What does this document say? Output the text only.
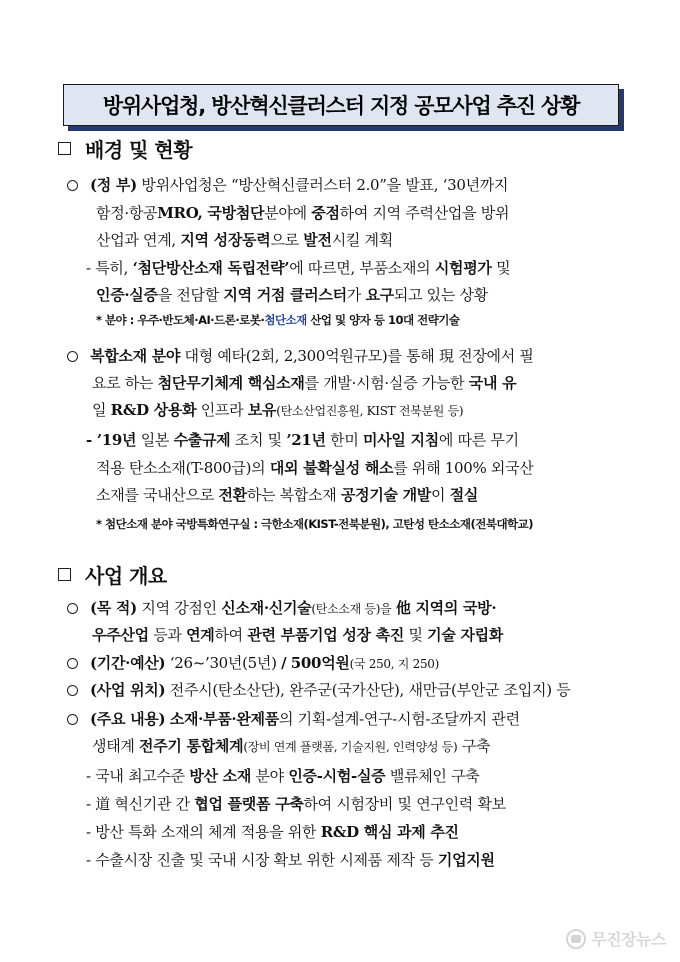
방위사업청, 방산혁신클러스터 지정 공모사업 추진 상황
배경 및 현황
(정 부) 방위사업청은 “방산혁신클러스터 2.0”을 발표, ‘30년까지
함정·항공MRO, 국방첨단분야에 중점하여 지역 주력산업을 방위
산업과 연계, 지역 성장동력으로 발전시킬 계획
- 특히, ‘첨단방산소재 독립전략’에 따르면, 부품소재의 시험평가 및
인증·실증을 전담할 지역 거점 클러스터가 요구되고 있는 상황
* 분야 : 우주·반도체·AI·드론·로봇·첨단소재 산업 및 양자 등 10대 전략기술
복합소재 분야 대형 예타(2회, 2,300억원규모)를 통해 現 전장에서 필
요로 하는 첨단무기체계 핵심소재를 개발·시험·실증 가능한 국내 유
일 R&D 상용화 인프라 보유(탄소산업진흥원, KIST 전북분원 등)
- ’19년 일본 수출규제 조치 및 ’21년 한미 미사일 지침에 따른 무기
적용 탄소소재(T-800급)의 대외 불확실성 해소를 위해 100% 외국산
소재를 국내산으로 전환하는 복합소재 공정기술 개발이 절실
* 첨단소재 분야 국방특화연구실 : 극한소재(KIST-전북분원), 고탄성 탄소소재(전북대학교)
사업 개요
(목 적) 지역 강점인 신소재·신기술(탄소소재 등)을 他 지역의 국방·
우주산업 등과 연계하여 관련 부품기업 성장 촉진 및 기술 자립화
(기간·예산) ‘26~’30년(5년) / 500억원(국 250, 지 250)
(사업 위치) 전주시(탄소산단), 완주군(국가산단), 새만금(부안군 조입지) 등
(주요 내용) 소재·부품·완제품의 기획-설계-연구-시험-조달까지 관련
생태계 전주기 통합체계(장비 연계 플랫폼, 기술지원, 인력양성 등) 구축
- 국내 최고수준 방산 소재 분야 인증-시험-실증 밸류체인 구축
- 道 혁신기관 간 협업 플랫폼 구축하여 시험장비 및 연구인력 확보
- 방산 특화 소재의 체계 적용을 위한 R&D 핵심 과제 추진
- 수출시장 진출 및 국내 시장 확보 위한 시제품 제작 등 기업지원
무진장뉴스
